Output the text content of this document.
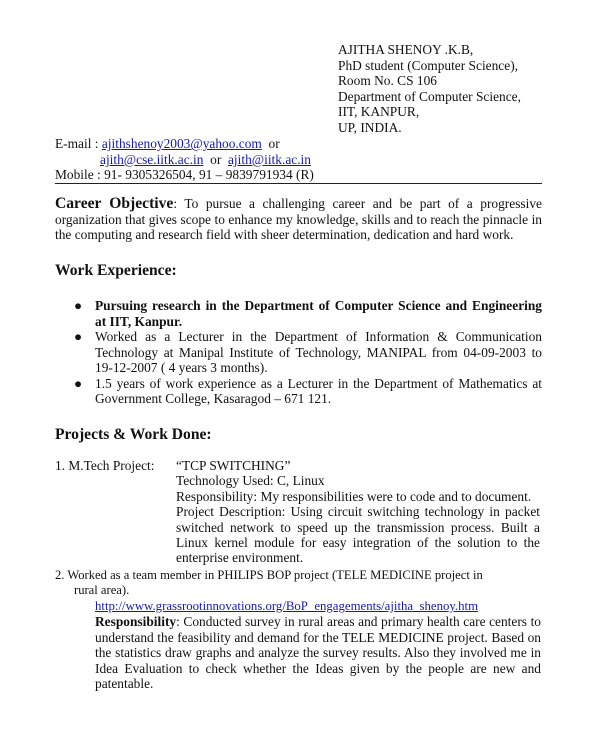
AJITHA SHENOY .K.B,
PhD student (Computer Science),
Room No. CS 106
Department of Computer Science,
IIT, KANPUR,
UP, INDIA.
E-mail : ajithshenoy2003@yahoo.com  or
ajith@cse.iitk.ac.in  or  ajith@iitk.ac.in
Mobile : 91- 9305326504, 91 – 9839791934 (R)
Career Objective: To pursue a challenging career and be part of a progressive organization that gives scope to enhance my knowledge, skills and to reach the pinnacle in the computing and research field with sheer determination, dedication and hard work.
Work Experience:
● Pursuing research in the Department of Computer Science and Engineering at IIT, Kanpur.
● Worked as a Lecturer in the Department of Information & Communication Technology at Manipal Institute of Technology, MANIPAL from 04-09-2003 to 19-12-2007 ( 4 years 3 months).
● 1.5 years of work experience as a Lecturer in the Department of Mathematics at Government College, Kasaragod – 671 121.
Projects & Work Done:
1. M.Tech Project: “TCP SWITCHING”
Technology Used: C, Linux
Responsibility: My responsibilities were to code and to document.

Project Description: Using circuit switching technology in packet switched network to speed up the transmission process. Built a Linux kernel module for easy integration of the solution to the enterprise environment.

2. Worked as a team member in PHILIPS BOP project (TELE MEDICINE project in
rural area).
http://www.grassrootinnovations.org/BoP_engagements/ajitha_shenoy.htm

Responsibility: Conducted survey in rural areas and primary health care centers to understand the feasibility and demand for the TELE MEDICINE project. Based on the statistics draw graphs and analyze the survey results. Also they involved me in Idea Evaluation to check whether the Ideas given by the people are new and patentable.
